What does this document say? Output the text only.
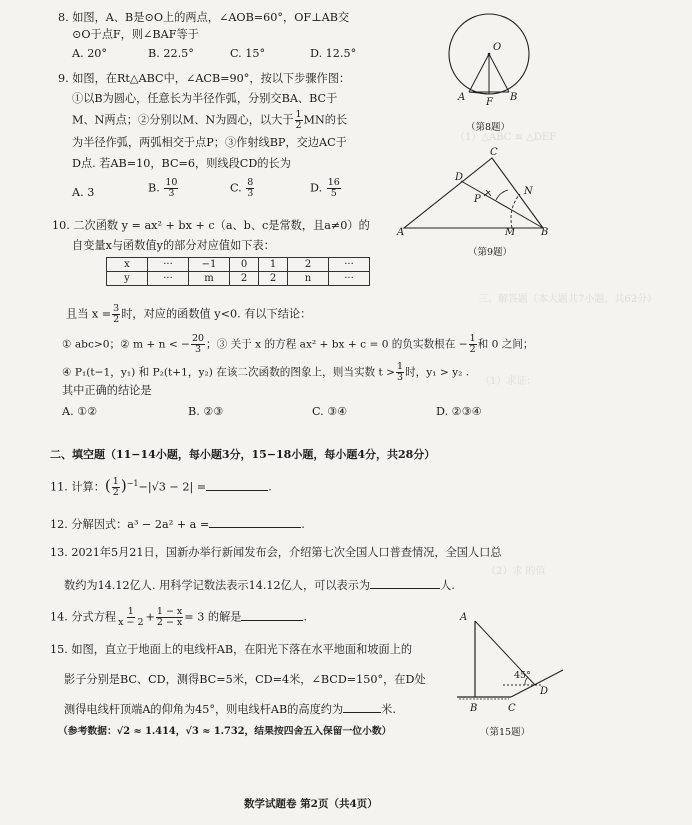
（1）△ABC ≌ △DEF
三、解答题（本大题共7小题，共62分）
（1）求证：
（2）求 的值
8. 如图，A、B是⊙O上的两点，∠AOB=60°，OF⊥AB交
⊙O于点F，则∠BAF等于
A. 20°	B. 22.5°	C. 15°	D. 12.5°	O
A F B
（第8题）
9. 如图，在Rt△ABC中，∠ACB=90°，按以下步骤作图：
①以B为圆心，任意长为半径作弧，分别交BA、BC于
M、N两点；②分别以M、N为圆心，以大于 $\frac{1}{2}$ MN的长
为半径作弧，两弧相交于点P；③作射线BP，交边AC于
D点. 若AB=10，BC=6，则线段CD的长为
A. 3	B. $\frac{10}{3}$	C. $\frac{8}{3}$	D. $\frac{16}{5}$
C
D
P
N
A	M	B
（第9题）
10. 二次函数 y = ax² + bx + c（a、b、c是常数，且a≠0）的
自变量x与函数值y的部分对应值如下表：
x	···	−1	0	1	2	···
y	···	m	2	2	n	···
且当 $x = \frac{3}{2}$ 时，对应的函数值 y<0. 有以下结论：
① abc>0；② m + n < − $\frac{20}{3}$ ；③ 关于 x 的方程 ax² + bx + c = 0 的负实数根在 − $\frac{1}{2}$ 和 0 之间；
④ P₁(t−1，y₁) 和 P₂(t+1，y₂) 在该二次函数的图象上，则当实数 $t > \frac{1}{3}$ 时，y₁ > y₂ .
其中正确的结论是
A. ①②	B. ②③	C. ③④	D. ②③④
二、填空题（11−14小题，每小题3分，15−18小题，每小题4分，共28分）
11. 计算：( $\frac{1}{2} )^{-1}-|√3 - 2|$ =	.
12. 分解因式：a³ − 2a² + a =	.
13. 2021年5月21日，国新办举行新闻发布会，介绍第七次全国人口普查情况，全国人口总
数约为14.12亿人. 用科学记数法表示14.12亿人，可以表示为	人.
14. 分式方程 $\frac{1}{x - 2} + \frac{1 - x}{2 - x} = 3$ 的解是	.
15. 如图，直立于地面上的电线杆AB，在阳光下落在水平地面和坡面上的
影子分别是BC、CD，测得BC=5米，CD=4米，∠BCD=150°，在D处
测得电线杆顶端A的仰角为45°，则电线杆AB的高度约为	米.
（参考数据：√2 ≈ 1.414，√3 ≈ 1.732，结果按四舍五入保留一位小数）
A
45°
D
B	C
（第15题）
数学试题卷 第2页（共4页）
